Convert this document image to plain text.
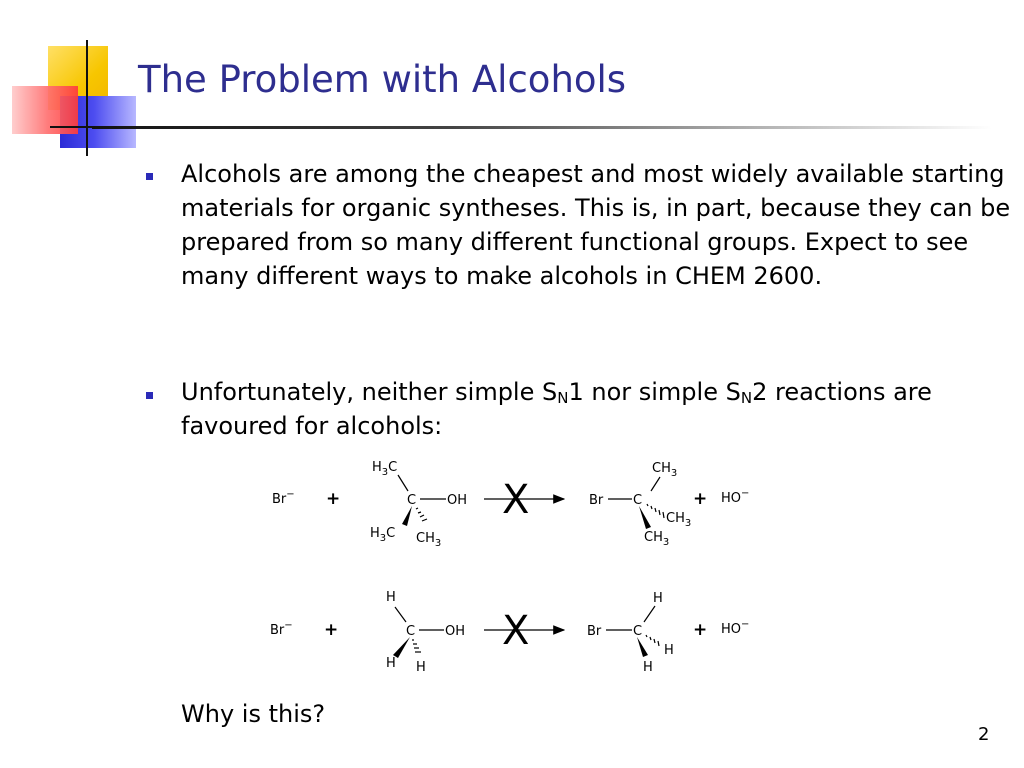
The Problem with Alcohols
Alcohols are among the cheapest and most widely available starting materials for organic syntheses. This is, in part, because they can be prepared from so many different functional groups. Expect to see many different ways to make alcohols in CHEM 2600.
Unfortunately, neither simple $S_N1$ nor simple $S_N2$ reactions are favoured for alcohols:
Br− +
$H_3C$
C OH
$H_3C$ $CH_3$
X	Br C
$CH_3$
$CH_3$
$CH_3$
+ HO−
Br− +
H
C OH
H H
X	Br C
H
H
H
+ HO−
Why is this?
2
